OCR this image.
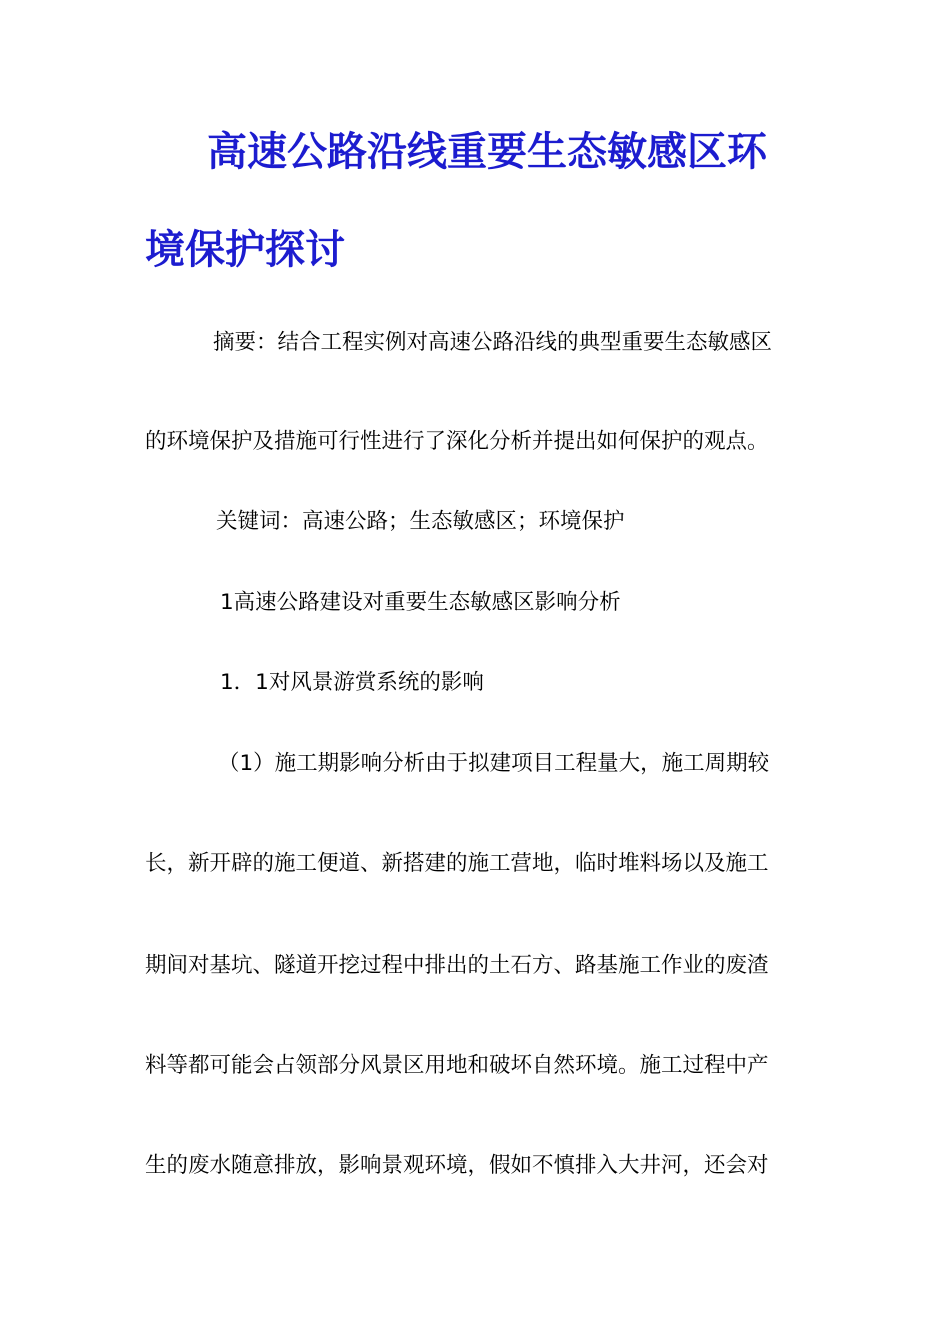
高速公路沿线重要生态敏感区环
境保护探讨
摘要：结合工程实例对高速公路沿线的典型重要生态敏感区
的环境保护及措施可行性进行了深化分析并提出如何保护的观点。
关键词：高速公路；生态敏感区；环境保护
1高速公路建设对重要生态敏感区影响分析
1．1对风景游赏系统的影响
（1）施工期影响分析由于拟建项目工程量大，施工周期较
长，新开辟的施工便道、新搭建的施工营地，临时堆料场以及施工
期间对基坑、隧道开挖过程中排出的土石方、路基施工作业的废渣
料等都可能会占领部分风景区用地和破坏自然环境。施工过程中产
生的废水随意排放，影响景观环境，假如不慎排入大井河，还会对
